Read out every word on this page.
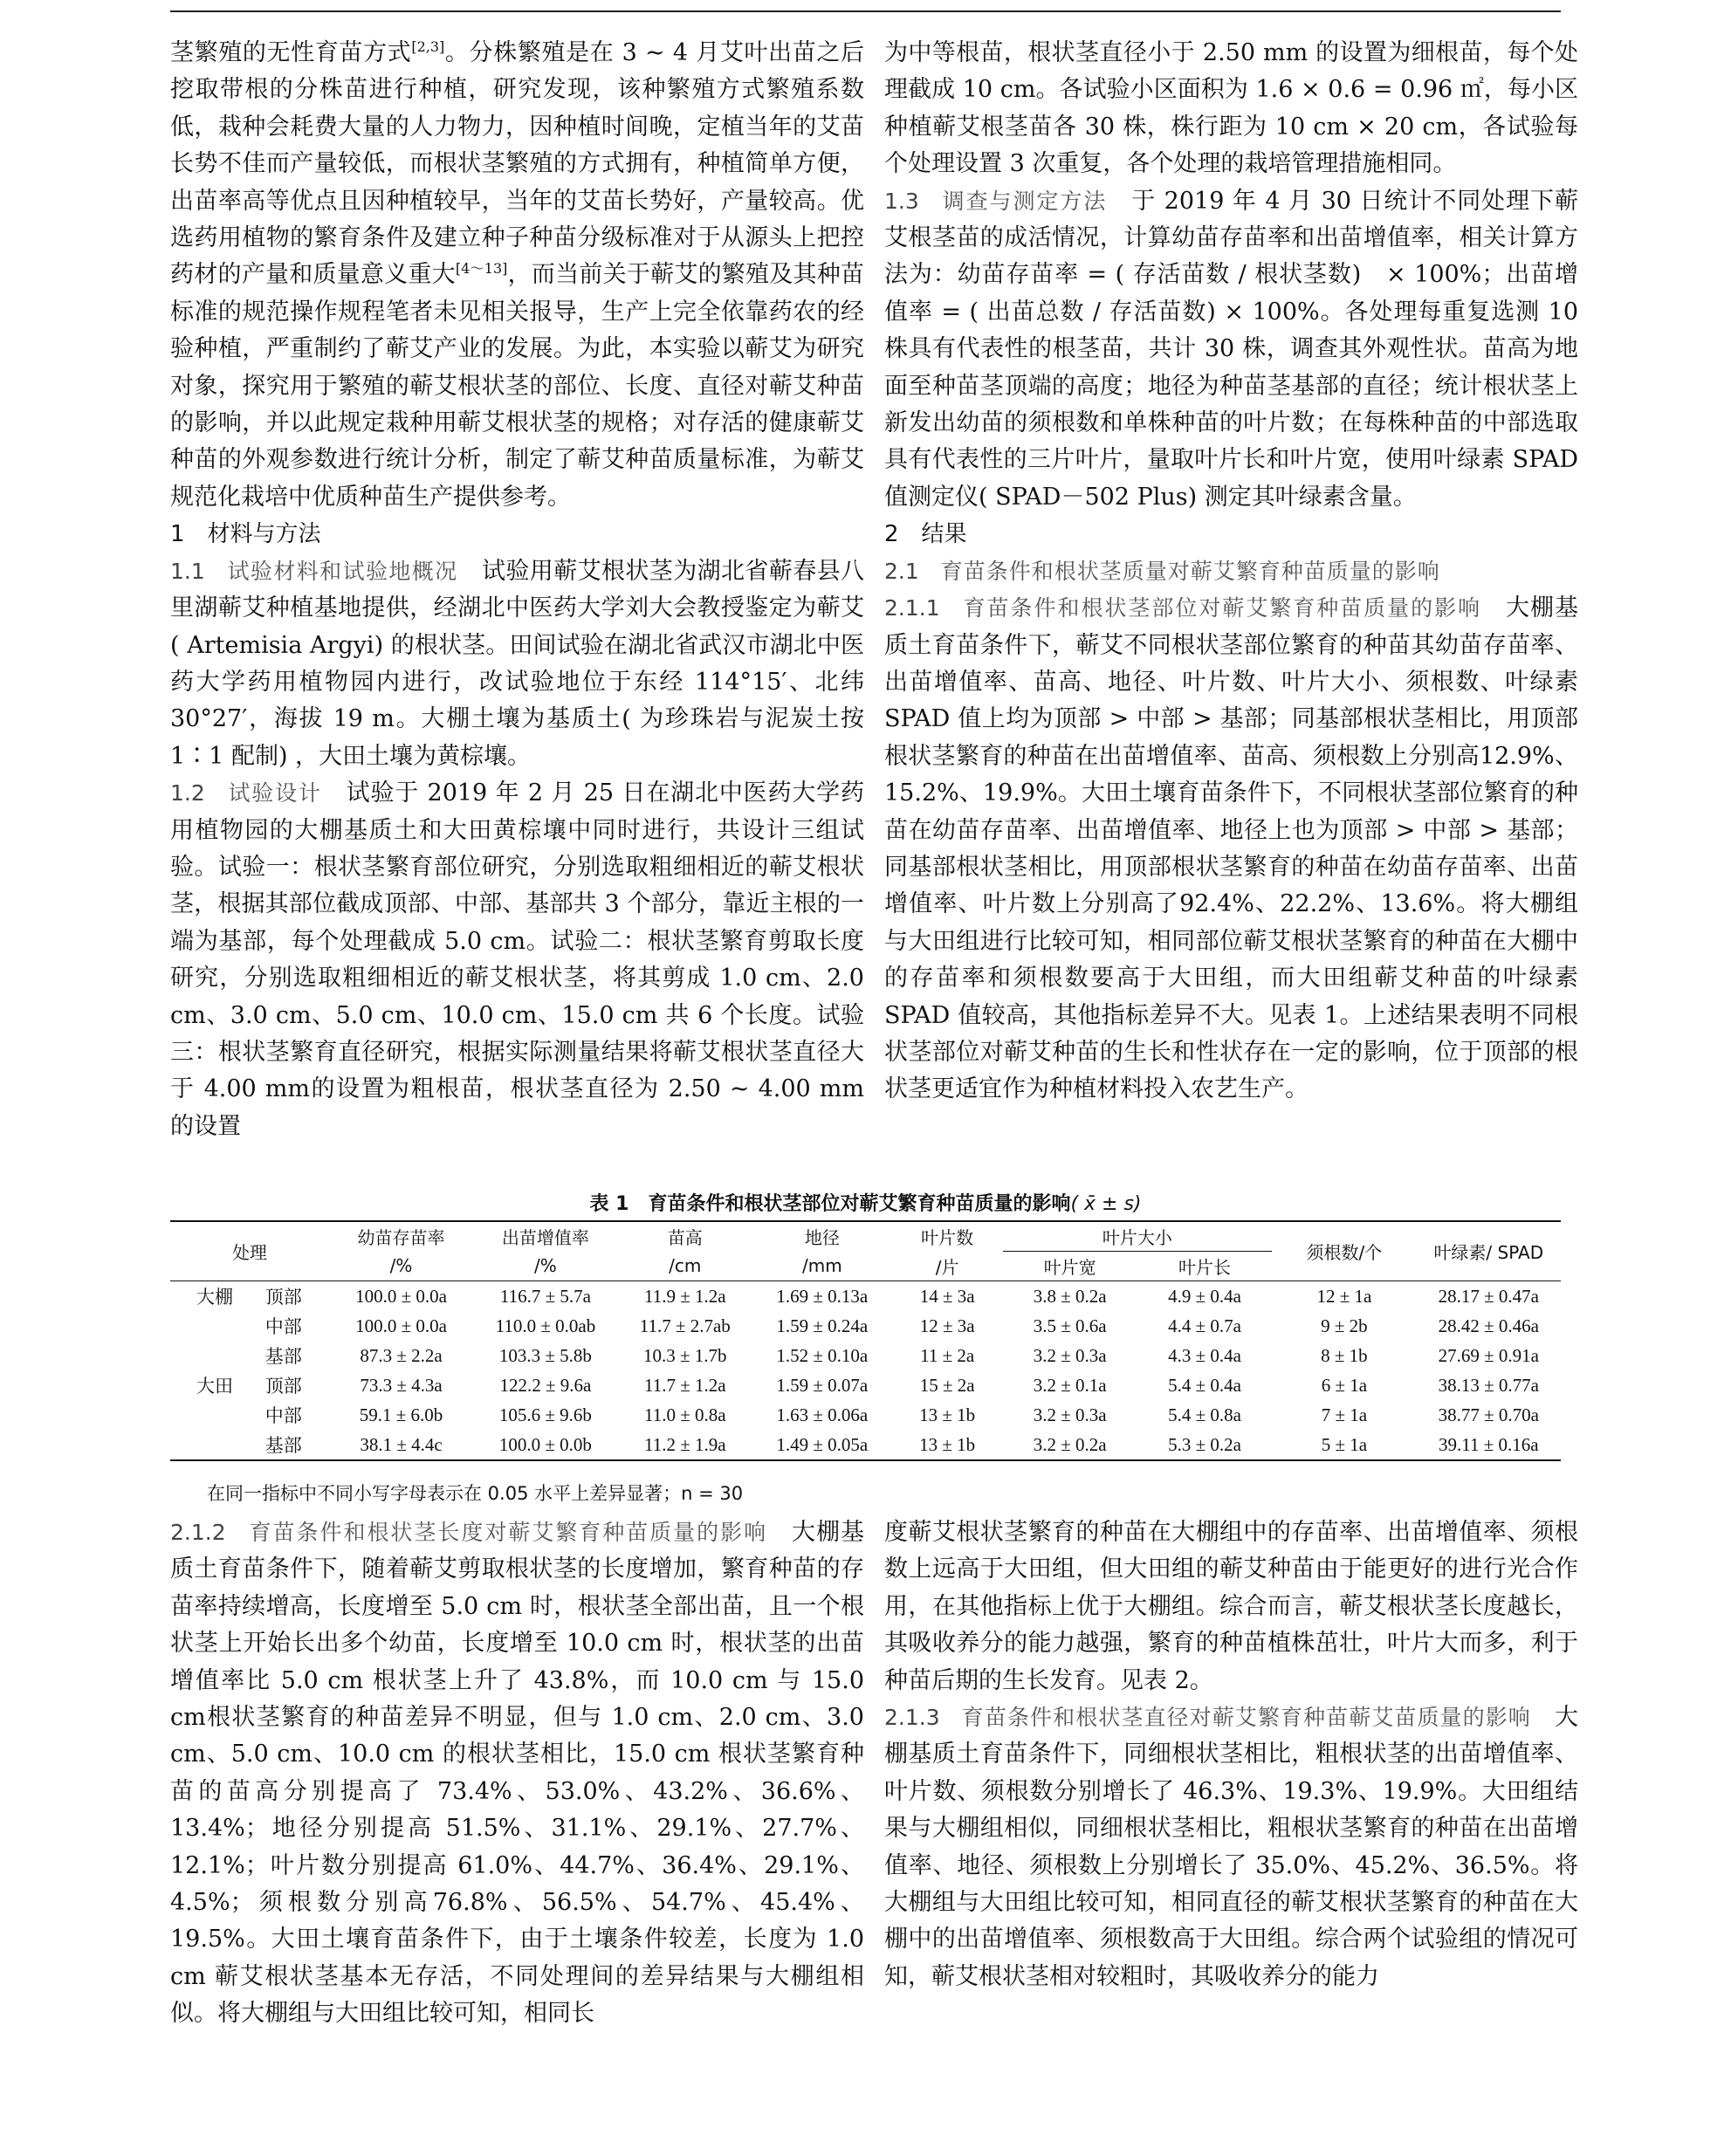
茎繁殖的无性育苗方式[2,3]。分株繁殖是在 3 ~ 4 月艾叶出苗之后挖取带根的分株苗进行种植，研究发现，该种繁殖方式繁殖系数低，栽种会耗费大量的人力物力，因种植时间晚，定植当年的艾苗长势不佳而产量较低，而根状茎繁殖的方式拥有，种植简单方便，出苗率高等优点且因种植较早，当年的艾苗长势好，产量较高。优选药用植物的繁育条件及建立种子种苗分级标准对于从源头上把控药材的产量和质量意义重大[4～13]，而当前关于蕲艾的繁殖及其种苗标准的规范操作规程笔者未见相关报导，生产上完全依靠药农的经验种植，严重制约了蕲艾产业的发展。为此，本实验以蕲艾为研究对象，探究用于繁殖的蕲艾根状茎的部位、长度、直径对蕲艾种苗的影响，并以此规定栽种用蕲艾根状茎的规格；对存活的健康蕲艾种苗的外观参数进行统计分析，制定了蕲艾种苗质量标准，为蕲艾规范化栽培中优质种苗生产提供参考。

1　材料与方法

1.1　 试验材料和试验地概况　 试验用蕲艾根状茎为湖北省蕲春县八里湖蕲艾种植基地提供，经湖北中医药大学刘大会教授鉴定为蕲艾 ( Artemisia Argyi) 的根状茎。田间试验在湖北省武汉市湖北中医药大学药用植物园内进行，改试验地位于东经 114°15′、北纬 30°27′，海拔 19 m。大棚土壤为基质土( 为珍珠岩与泥炭土按 1∶1 配制) ，大田土壤为黄棕壤。

1.2　 试验设计　 试验于 2019 年 2 月 25 日在湖北中医药大学药用植物园的大棚基质土和大田黄棕壤中同时进行，共设计三组试验。试验一：根状茎繁育部位研究，分别选取粗细相近的蕲艾根状茎，根据其部位截成顶部、中部、基部共 3 个部分，靠近主根的一端为基部，每个处理截成 5.0 cm。试验二：根状茎繁育剪取长度研究，分别选取粗细相近的蕲艾根状茎，将其剪成 1.0 cm、2.0 cm、3.0 cm、5.0 cm、10.0 cm、15.0 cm 共 6 个长度。试验三：根状茎繁育直径研究，根据实际测量结果将蕲艾根状茎直径大于 4.00 mm的设置为粗根苗，根状茎直径为 2.50 ~ 4.00 mm 的设置

为中等根苗，根状茎直径小于 2.50 mm 的设置为细根苗，每个处理截成 10 cm。各试验小区面积为 1.6 × 0.6 = 0.96 ㎡，每小区种植蕲艾根茎苗各 30 株，株行距为 10 cm × 20 cm，各试验每个处理设置 3 次重复，各个处理的栽培管理措施相同。

1.3　 调查与测定方法　 于 2019 年 4 月 30 日统计不同处理下蕲艾根茎苗的成活情况，计算幼苗存苗率和出苗增值率，相关计算方法为：幼苗存苗率 = ( 存活苗数 / 根状茎数)　× 100%；出苗增值率 = ( 出苗总数 / 存活苗数) × 100%。各处理每重复选测 10 株具有代表性的根茎苗，共计 30 株，调查其外观性状。苗高为地面至种苗茎顶端的高度；地径为种苗茎基部的直径；统计根状茎上新发出幼苗的须根数和单株种苗的叶片数；在每株种苗的中部选取具有代表性的三片叶片，量取叶片长和叶片宽，使用叶绿素 SPAD 值测定仪( SPAD－502 Plus) 测定其叶绿素含量。

2　结果

2.1　 育苗条件和根状茎质量对蕲艾繁育种苗质量的影响

2.1.1　 育苗条件和根状茎部位对蕲艾繁育种苗质量的影响　 大棚基质土育苗条件下，蕲艾不同根状茎部位繁育的种苗其幼苗存苗率、出苗增值率、苗高、地径、叶片数、叶片大小、须根数、叶绿素 SPAD 值上均为顶部 > 中部 > 基部；同基部根状茎相比，用顶部根状茎繁育的种苗在出苗增值率、苗高、须根数上分别高12.9%、15.2%、19.9%。大田土壤育苗条件下，不同根状茎部位繁育的种苗在幼苗存苗率、出苗增值率、地径上也为顶部 > 中部 > 基部；同基部根状茎相比，用顶部根状茎繁育的种苗在幼苗存苗率、出苗增值率、叶片数上分别高了92.4%、22.2%、13.6%。将大棚组与大田组进行比较可知，相同部位蕲艾根状茎繁育的种苗在大棚中的存苗率和须根数要高于大田组，而大田组蕲艾种苗的叶绿素 SPAD 值较高，其他指标差异不大。见表 1。上述结果表明不同根状茎部位对蕲艾种苗的生长和性状存在一定的影响，位于顶部的根状茎更适宜作为种植材料投入农艺生产。

表 1　育苗条件和根状茎部位对蕲艾繁育种苗质量的影响( x̄ ± s)
处理		幼苗存苗率	出苗增值率	苗高	地径	叶片数	叶片大小		须根数/个	叶绿素/ SPAD
		/%	/%	/cm	/mm	/片	叶片宽	叶片长		
大棚	顶部	100.0 ± 0.0a	116.7 ± 5.7a	11.9 ± 1.2a	1.69 ± 0.13a	14 ± 3a	3.8 ± 0.2a	4.9 ± 0.4a	12 ± 1a	28.17 ± 0.47a
	中部	100.0 ± 0.0a	110.0 ± 0.0ab	11.7 ± 2.7ab	1.59 ± 0.24a	12 ± 3a	3.5 ± 0.6a	4.4 ± 0.7a	9 ± 2b	28.42 ± 0.46a
	基部	87.3 ± 2.2a	103.3 ± 5.8b	10.3 ± 1.7b	1.52 ± 0.10a	11 ± 2a	3.2 ± 0.3a	4.3 ± 0.4a	8 ± 1b	27.69 ± 0.91a
大田	顶部	73.3 ± 4.3a	122.2 ± 9.6a	11.7 ± 1.2a	1.59 ± 0.07a	15 ± 2a	3.2 ± 0.1a	5.4 ± 0.4a	6 ± 1a	38.13 ± 0.77a
	中部	59.1 ± 6.0b	105.6 ± 9.6b	11.0 ± 0.8a	1.63 ± 0.06a	13 ± 1b	3.2 ± 0.3a	5.4 ± 0.8a	7 ± 1a	38.77 ± 0.70a
	基部	38.1 ± 4.4c	100.0 ± 0.0b	11.2 ± 1.9a	1.49 ± 0.05a	13 ± 1b	3.2 ± 0.2a	5.3 ± 0.2a	5 ± 1a	39.11 ± 0.16a
在同一指标中不同小写字母表示在 0.05 水平上差异显著；n = 30

2.1.2　 育苗条件和根状茎长度对蕲艾繁育种苗质量的影响　 大棚基质土育苗条件下，随着蕲艾剪取根状茎的长度增加，繁育种苗的存苗率持续增高，长度增至 5.0 cm 时，根状茎全部出苗，且一个根状茎上开始长出多个幼苗，长度增至 10.0 cm 时，根状茎的出苗增值率比 5.0 cm 根状茎上升了 43.8%，而 10.0 cm 与 15.0 cm根状茎繁育的种苗差异不明显，但与 1.0 cm、2.0 cm、3.0 cm、5.0 cm、10.0 cm 的根状茎相比，15.0 cm 根状茎繁育种苗的苗高分别提高了 73.4%、53.0%、43.2%、36.6%、13.4%；地径分别提高 51.5%、31.1%、29.1%、27.7%、12.1%；叶片数分别提高 61.0%、44.7%、36.4%、29.1%、4.5%；须根数分别高76.8%、56.5%、54.7%、45.4%、19.5%。大田土壤育苗条件下，由于土壤条件较差，长度为 1.0 cm 蕲艾根状茎基本无存活，不同处理间的差异结果与大棚组相似。将大棚组与大田组比较可知，相同长

度蕲艾根状茎繁育的种苗在大棚组中的存苗率、出苗增值率、须根数上远高于大田组，但大田组的蕲艾种苗由于能更好的进行光合作用，在其他指标上优于大棚组。综合而言，蕲艾根状茎长度越长，其吸收养分的能力越强，繁育的种苗植株茁壮，叶片大而多，利于种苗后期的生长发育。见表 2。

2.1.3　 育苗条件和根状茎直径对蕲艾繁育种苗蕲艾苗质量的影响　 大棚基质土育苗条件下，同细根状茎相比，粗根状茎的出苗增值率、叶片数、须根数分别增长了 46.3%、19.3%、19.9%。大田组结果与大棚组相似，同细根状茎相比，粗根状茎繁育的种苗在出苗增值率、地径、须根数上分别增长了 35.0%、45.2%、36.5%。将大棚组与大田组比较可知，相同直径的蕲艾根状茎繁育的种苗在大棚中的出苗增值率、须根数高于大田组。综合两个试验组的情况可知，蕲艾根状茎相对较粗时，其吸收养分的能力
